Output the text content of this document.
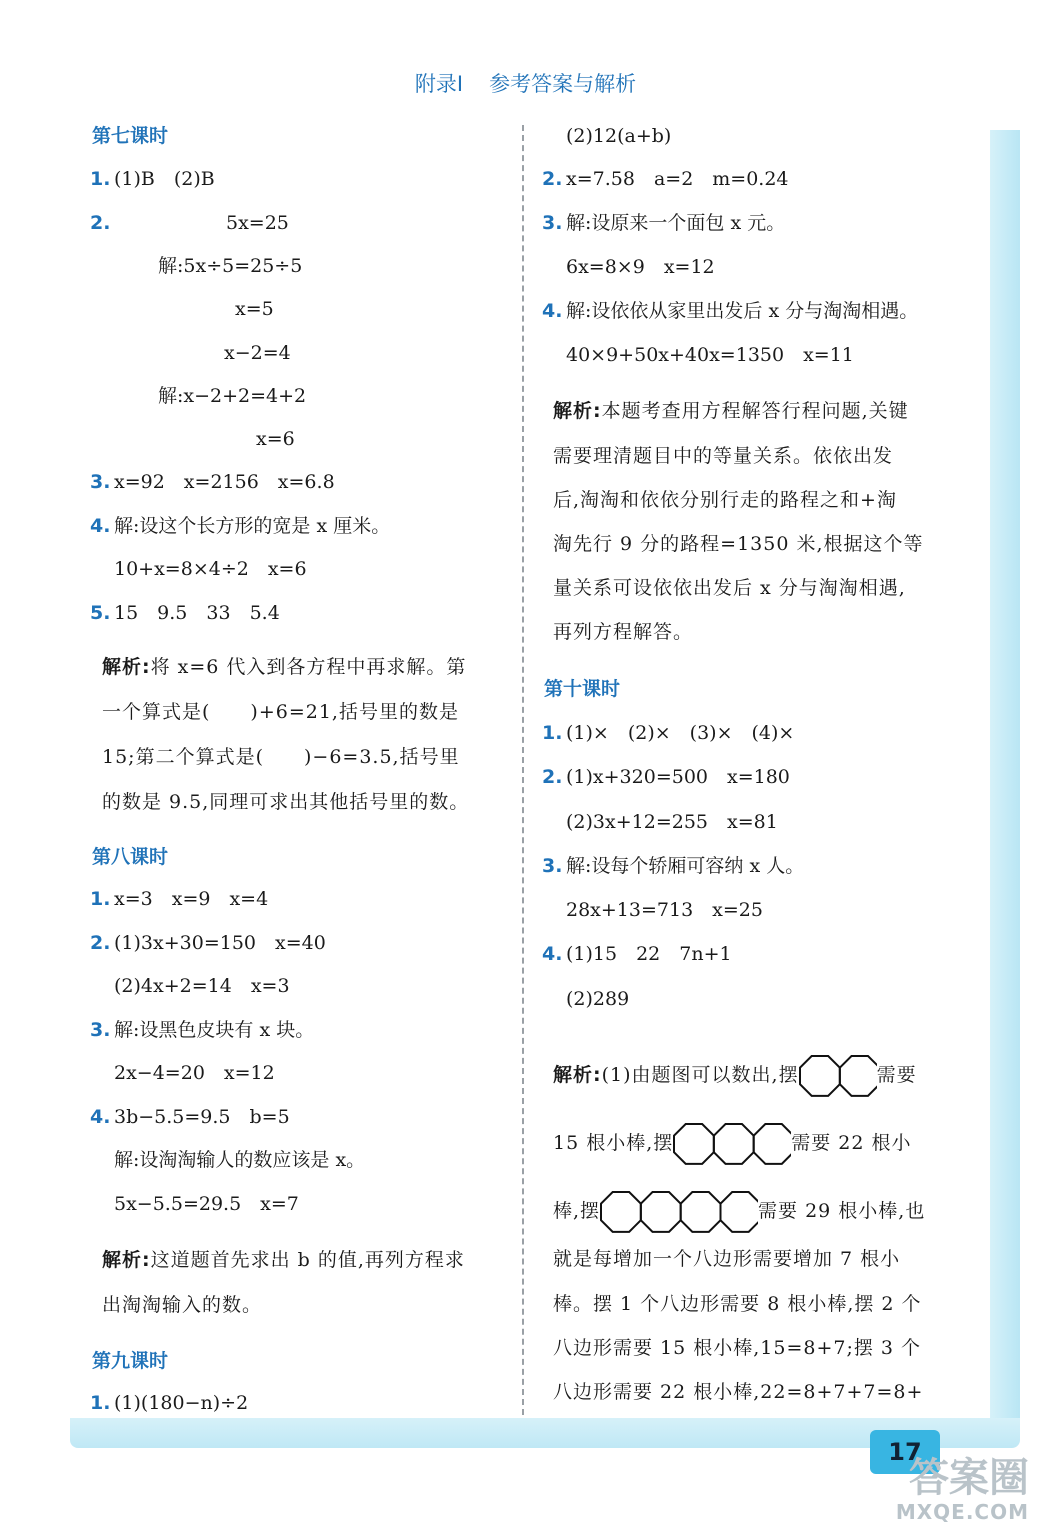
17
附录Ⅰ 参考答案与解析
第七课时
1. (1)B　(2)B
2.	5x=25
解:5x÷5=25÷5
x=5
x−2=4
解:x−2+2=4+2
x=6
3. x=92　x=2156　x=6.8
4. 解:设这个长方形的宽是 x 厘米。
10+x=8×4÷2　x=6
5. 15　9.5　33　5.4
解析:将 x=6 代入到各方程中再求解。第
一个算式是(　　)+6=21,括号里的数是
15;第二个算式是(　　)−6=3.5,括号里
的数是 9.5,同理可求出其他括号里的数。
第八课时
1. x=3　x=9　x=4
2. (1)3x+30=150　x=40
(2)4x+2=14　x=3
3. 解:设黑色皮块有 x 块。
2x−4=20　x=12
4. 3b−5.5=9.5　b=5
解:设淘淘输人的数应该是 x。
5x−5.5=29.5　x=7
解析:这道题首先求出 b 的值,再列方程求
出淘淘输入的数。
第九课时
1. (1)(180−n)÷2
(2)12(a+b)
2. x=7.58　a=2　m=0.24
3. 解:设原来一个面包 x 元。
6x=8×9　x=12
4. 解:设依依从家里出发后 x 分与淘淘相遇。
40×9+50x+40x=1350　x=11
解析:本题考查用方程解答行程问题,关键
需要理清题目中的等量关系。依依出发
后,淘淘和依依分别行走的路程之和+淘
淘先行 9 分的路程=1350 米,根据这个等
量关系可设依依出发后 x 分与淘淘相遇,
再列方程解答。
第十课时
1. (1)×　(2)×　(3)×　(4)×
2. (1)x+320=500　x=180
(2)3x+12=255　x=81
3. 解:设每个轿厢可容纳 x 人。
28x+13=713　x=25
4. (1)15　22　7n+1
(2)289
解析:(1)由题图可以数出,摆	需要
15 根小棒,摆	需要 22 根小
棒,摆	需要 29 根小棒,也
就是每增加一个八边形需要增加 7 根小
棒。摆 1 个八边形需要 8 根小棒,摆 2 个
八边形需要 15 根小棒,15=8+7;摆 3 个
八边形需要 22 根小棒,22=8+7+7=8+
答案圈
MXQE.COM
